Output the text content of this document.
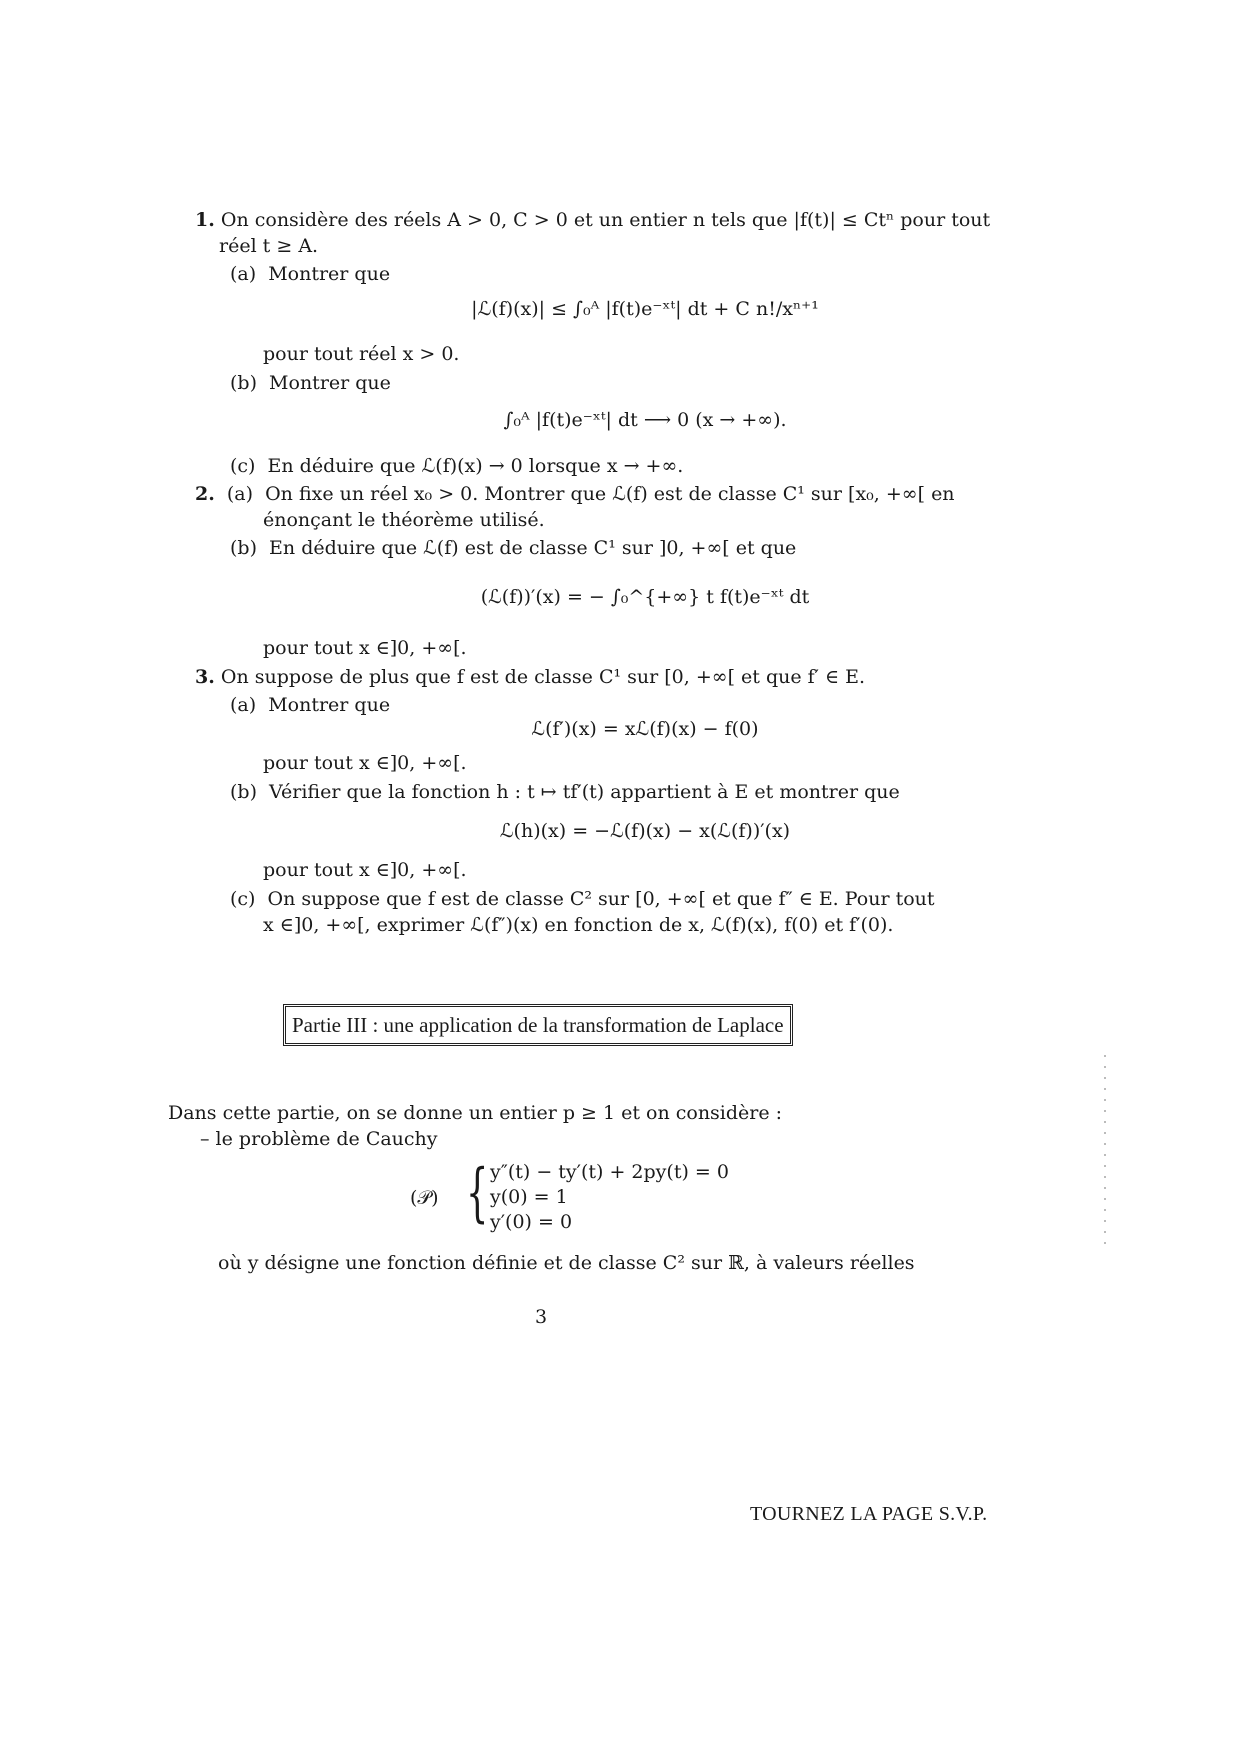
1. On considère des réels A > 0, C > 0 et un entier n tels que |f(t)| ≤ Ctⁿ pour tout
réel t ≥ A.
(a) Montrer que
|ℒ(f)(x)| ≤ ∫₀ᴬ |f(t)e⁻ˣᵗ| dt + C n!/xⁿ⁺¹
pour tout réel x > 0.
(b) Montrer que
∫₀ᴬ |f(t)e⁻ˣᵗ| dt ⟶ 0 (x → +∞).
(c) En déduire que ℒ(f)(x) → 0 lorsque x → +∞.
2. (a) On fixe un réel x₀ > 0. Montrer que ℒ(f) est de classe C¹ sur [x₀, +∞[ en
énonçant le théorème utilisé.
(b) En déduire que ℒ(f) est de classe C¹ sur ]0, +∞[ et que
(ℒ(f))′(x) = − ∫₀^{+∞} t f(t)e⁻ˣᵗ dt
pour tout x ∈]0, +∞[.
3. On suppose de plus que f est de classe C¹ sur [0, +∞[ et que f′ ∈ E.
(a) Montrer que
ℒ(f′)(x) = xℒ(f)(x) − f(0)
pour tout x ∈]0, +∞[.
(b) Vérifier que la fonction h : t ↦ tf′(t) appartient à E et montrer que
ℒ(h)(x) = −ℒ(f)(x) − x(ℒ(f))′(x)
pour tout x ∈]0, +∞[.
(c) On suppose que f est de classe C² sur [0, +∞[ et que f″ ∈ E. Pour tout
x ∈]0, +∞[, exprimer ℒ(f″)(x) en fonction de x, ℒ(f)(x), f(0) et f′(0).
Partie III : une application de la transformation de Laplace
Dans cette partie, on se donne un entier p ≥ 1 et on considère :
– le problème de Cauchy
(𝒫) { y″(t) − ty′(t) + 2py(t) = 0
y(0) = 1
y′(0) = 0
où y désigne une fonction définie et de classe C² sur ℝ, à valeurs réelles
3
TOURNEZ LA PAGE S.V.P.
